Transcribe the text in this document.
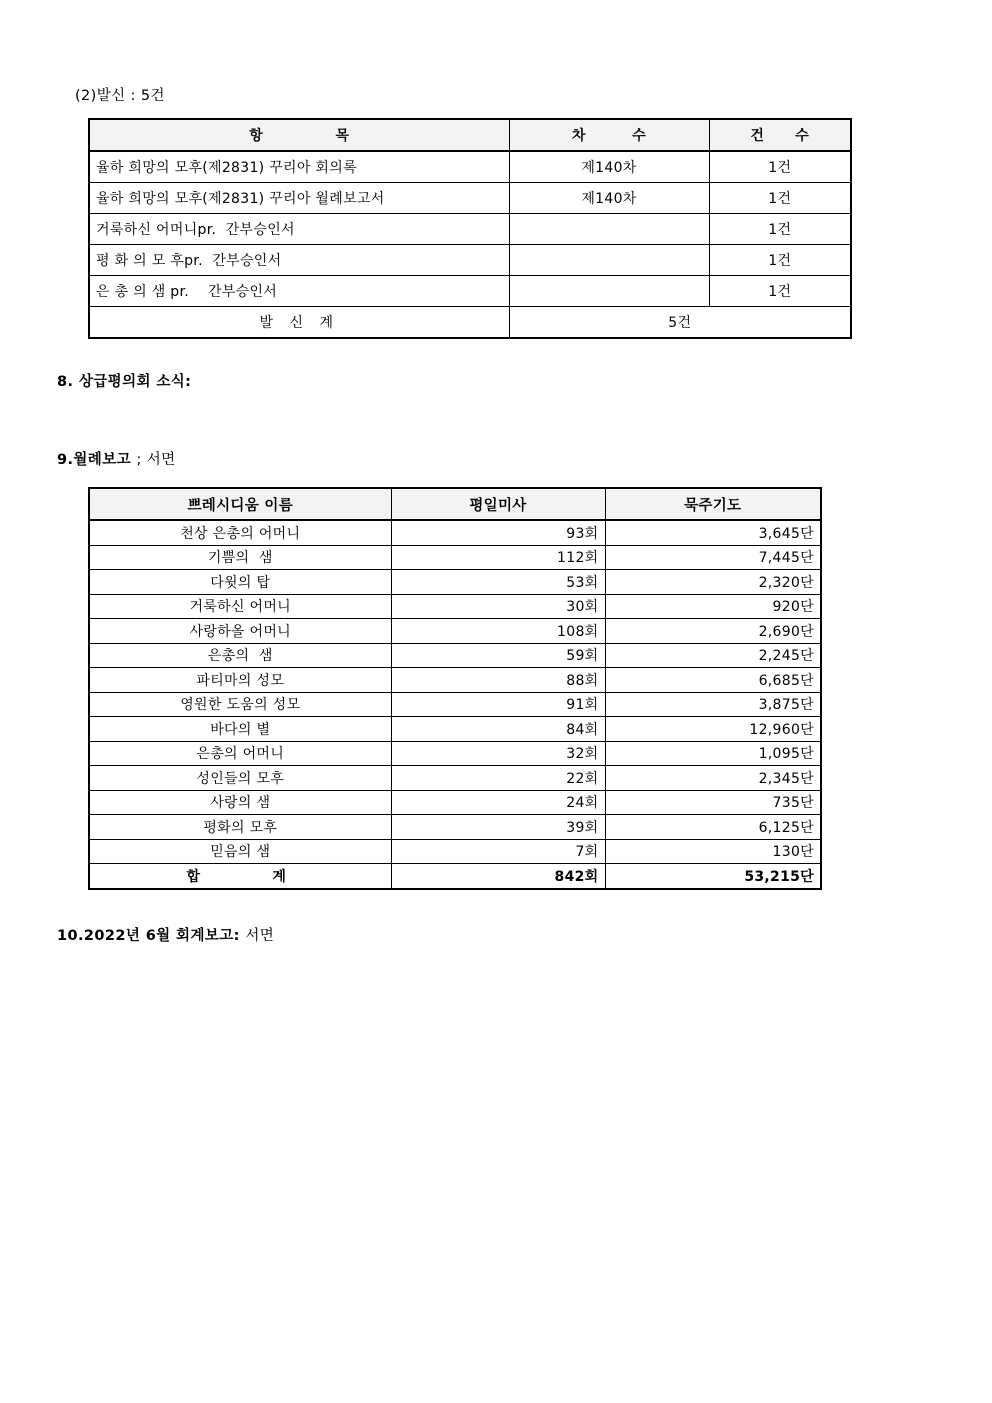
(2)발신 : 5건
항              목	차         수	건      수
율하 희망의 모후(제2831) 꾸리아 회의록	제140차	1건
율하 희망의 모후(제2831) 꾸리아 월례보고서	제140차	1건
거룩하신 어머니pr.  간부승인서		1건
평 화 의 모 후pr.  간부승인서		1건
은 총 의 샘 pr.    간부승인서		1건
발 신 계	5건	
8. 상급평의회 소식:
9.월례보고 ; 서면
쁘레시디움 이름	평일미사	묵주기도
천상 은총의 어머니	93회	3,645단
기쁨의  샘	112회	7,445단
다윗의 탑	53회	2,320단
거룩하신 어머니	30회	920단
사랑하올 어머니	108회	2,690단
은총의  샘	59회	2,245단
파티마의 성모	88회	6,685단
영원한 도움의 성모	91회	3,875단
바다의 별	84회	12,960단
은총의 어머니	32회	1,095단
성인들의 모후	22회	2,345단
사랑의 샘	24회	735단
평화의 모후	39회	6,125단
믿음의 샘	7회	130단
합     계	842회	53,215단
10.2022년 6월 회계보고: 서면
